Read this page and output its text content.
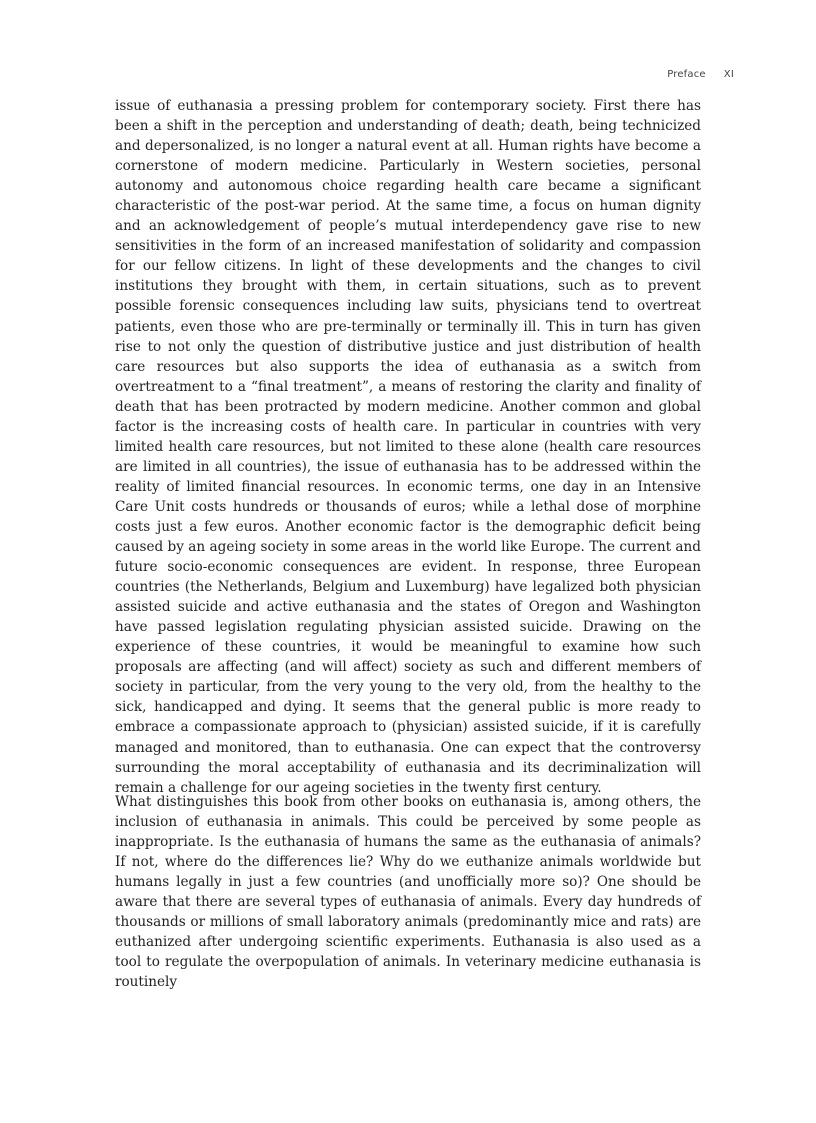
Preface XI

issue of euthanasia a pressing problem for contemporary society. First there has been a shift in the perception and understanding of death; death, being technicized and depersonalized, is no longer a natural event at all. Human rights have become a cornerstone of modern medicine. Particularly in Western societies, personal autonomy and autonomous choice regarding health care became a significant characteristic of the post-war period. At the same time, a focus on human dignity and an acknowledgement of people’s mutual interdependency gave rise to new sensitivities in the form of an increased manifestation of solidarity and compassion for our fellow citizens. In light of these developments and the changes to civil institutions they brought with them, in certain situations, such as to prevent possible forensic consequences including law suits, physicians tend to overtreat patients, even those who are pre-terminally or terminally ill. This in turn has given rise to not only the question of distributive justice and just distribution of health care resources but also supports the idea of euthanasia as a switch from overtreatment to a “final treatment”, a means of restoring the clarity and finality of death that has been protracted by modern medicine. Another common and global factor is the increasing costs of health care. In particular in countries with very limited health care resources, but not limited to these alone (health care resources are limited in all countries), the issue of euthanasia has to be addressed within the reality of limited financial resources. In economic terms, one day in an Intensive Care Unit costs hundreds or thousands of euros; while a lethal dose of morphine costs just a few euros. Another economic factor is the demographic deficit being caused by an ageing society in some areas in the world like Europe. The current and future socio-economic consequences are evident. In response, three European countries (the Netherlands, Belgium and Luxemburg) have legalized both physician assisted suicide and active euthanasia and the states of Oregon and Washington have passed legislation regulating physician assisted suicide. Drawing on the experience of these countries, it would be meaningful to examine how such proposals are affecting (and will affect) society as such and different members of society in particular, from the very young to the very old, from the healthy to the sick, handicapped and dying. It seems that the general public is more ready to embrace a compassionate approach to (physician) assisted suicide, if it is carefully managed and monitored, than to euthanasia. One can expect that the controversy surrounding the moral acceptability of euthanasia and its decriminalization will remain a challenge for our ageing societies in the twenty first century.

What distinguishes this book from other books on euthanasia is, among others, the inclusion of euthanasia in animals. This could be perceived by some people as inappropriate. Is the euthanasia of humans the same as the euthanasia of animals? If not, where do the differences lie? Why do we euthanize animals worldwide but humans legally in just a few countries (and unofficially more so)? One should be aware that there are several types of euthanasia of animals. Every day hundreds of thousands or millions of small laboratory animals (predominantly mice and rats) are euthanized after undergoing scientific experiments. Euthanasia is also used as a tool to regulate the overpopulation of animals. In veterinary medicine euthanasia is routinely
